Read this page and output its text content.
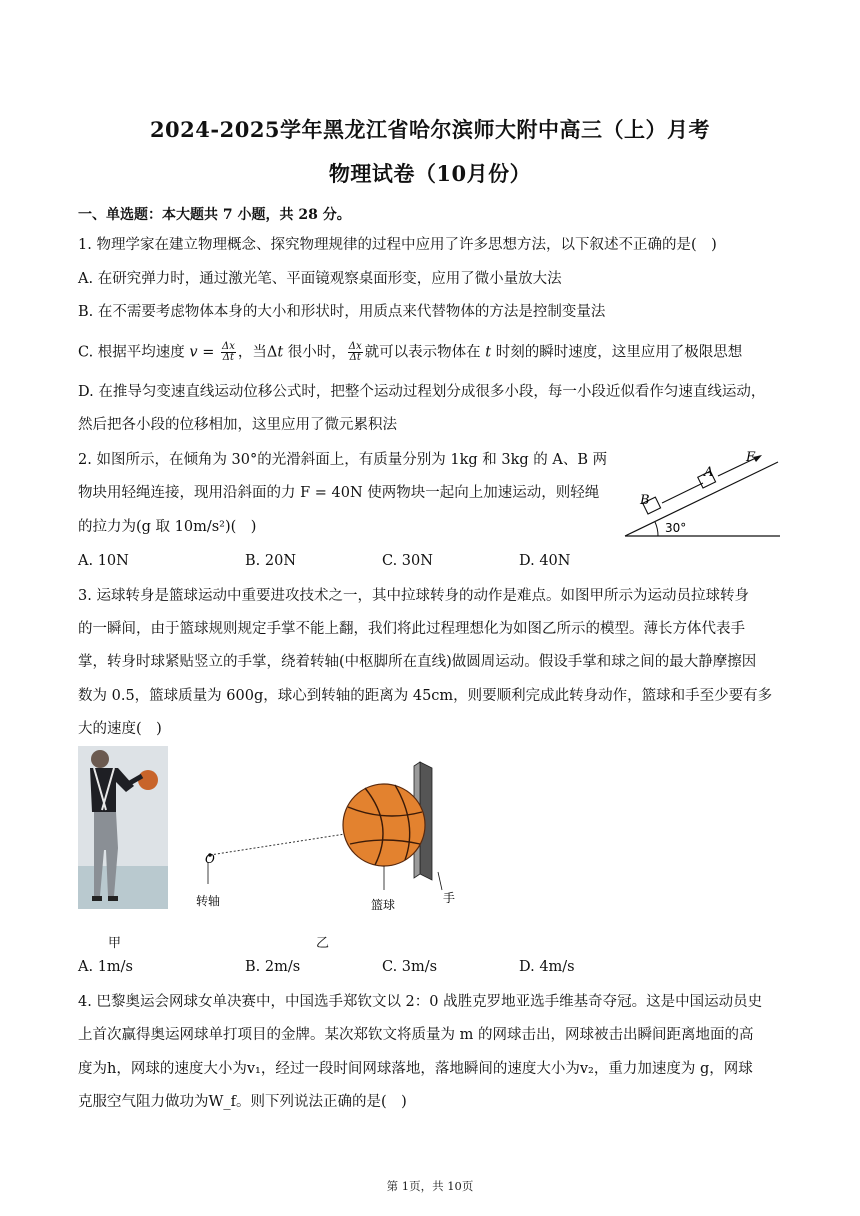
2024-2025学年黑龙江省哈尔滨师大附中高三（上）月考
物理试卷（10月份）
一、单选题：本大题共 7 小题，共 28 分。
1. 物理学家在建立物理概念、探究物理规律的过程中应用了许多思想方法，以下叙述不正确的是(　)
A. 在研究弹力时，通过激光笔、平面镜观察桌面形变，应用了微小量放大法
B. 在不需要考虑物体本身的大小和形状时，用质点来代替物体的方法是控制变量法
C. 根据平均速度 $v = \frac{\Delta x}{\Delta t}$ ，当Δt 很小时， $\frac{\Delta x}{\Delta t}$ 就可以表示物体在 t 时刻的瞬时速度，这里应用了极限思想
D. 在推导匀变速直线运动位移公式时，把整个运动过程划分成很多小段，每一小段近似看作匀速直线运动，
然后把各小段的位移相加，这里应用了微元累积法
2. 如图所示，在倾角为 30°的光滑斜面上，有质量分别为 1kg 和 3kg 的 A、B 两
物块用轻绳连接，现用沿斜面的力 F = 40N 使两物块一起向上加速运动，则轻绳
的拉力为(g 取 10m/s²)(　)
B
A
F
30°
A. 10N	B. 20N	C. 30N	D. 40N
3. 运球转身是篮球运动中重要进攻技术之一，其中拉球转身的动作是难点。如图甲所示为运动员拉球转身
的一瞬间，由于篮球规则规定手掌不能上翻，我们将此过程理想化为如图乙所示的模型。薄长方体代表手
掌，转身时球紧贴竖立的手掌，绕着转轴(中枢脚所在直线)做圆周运动。假设手掌和球之间的最大静摩擦因
数为 0.5，篮球质量为 600g，球心到转轴的距离为 45cm，则要顺利完成此转身动作，篮球和手至少要有多
大的速度(　)
甲
O
转轴	篮球	手
乙
A. 1m/s	B. 2m/s	C. 3m/s	D. 4m/s
4. 巴黎奥运会网球女单决赛中，中国选手郑钦文以 2：0 战胜克罗地亚选手维基奇夺冠。这是中国运动员史
上首次赢得奥运网球单打项目的金牌。某次郑钦文将质量为 m 的网球击出，网球被击出瞬间距离地面的高
度为h，网球的速度大小为v₁，经过一段时间网球落地，落地瞬间的速度大小为v₂，重力加速度为 g，网球
克服空气阻力做功为W_f。则下列说法正确的是(　)
第 1页，共 10页
